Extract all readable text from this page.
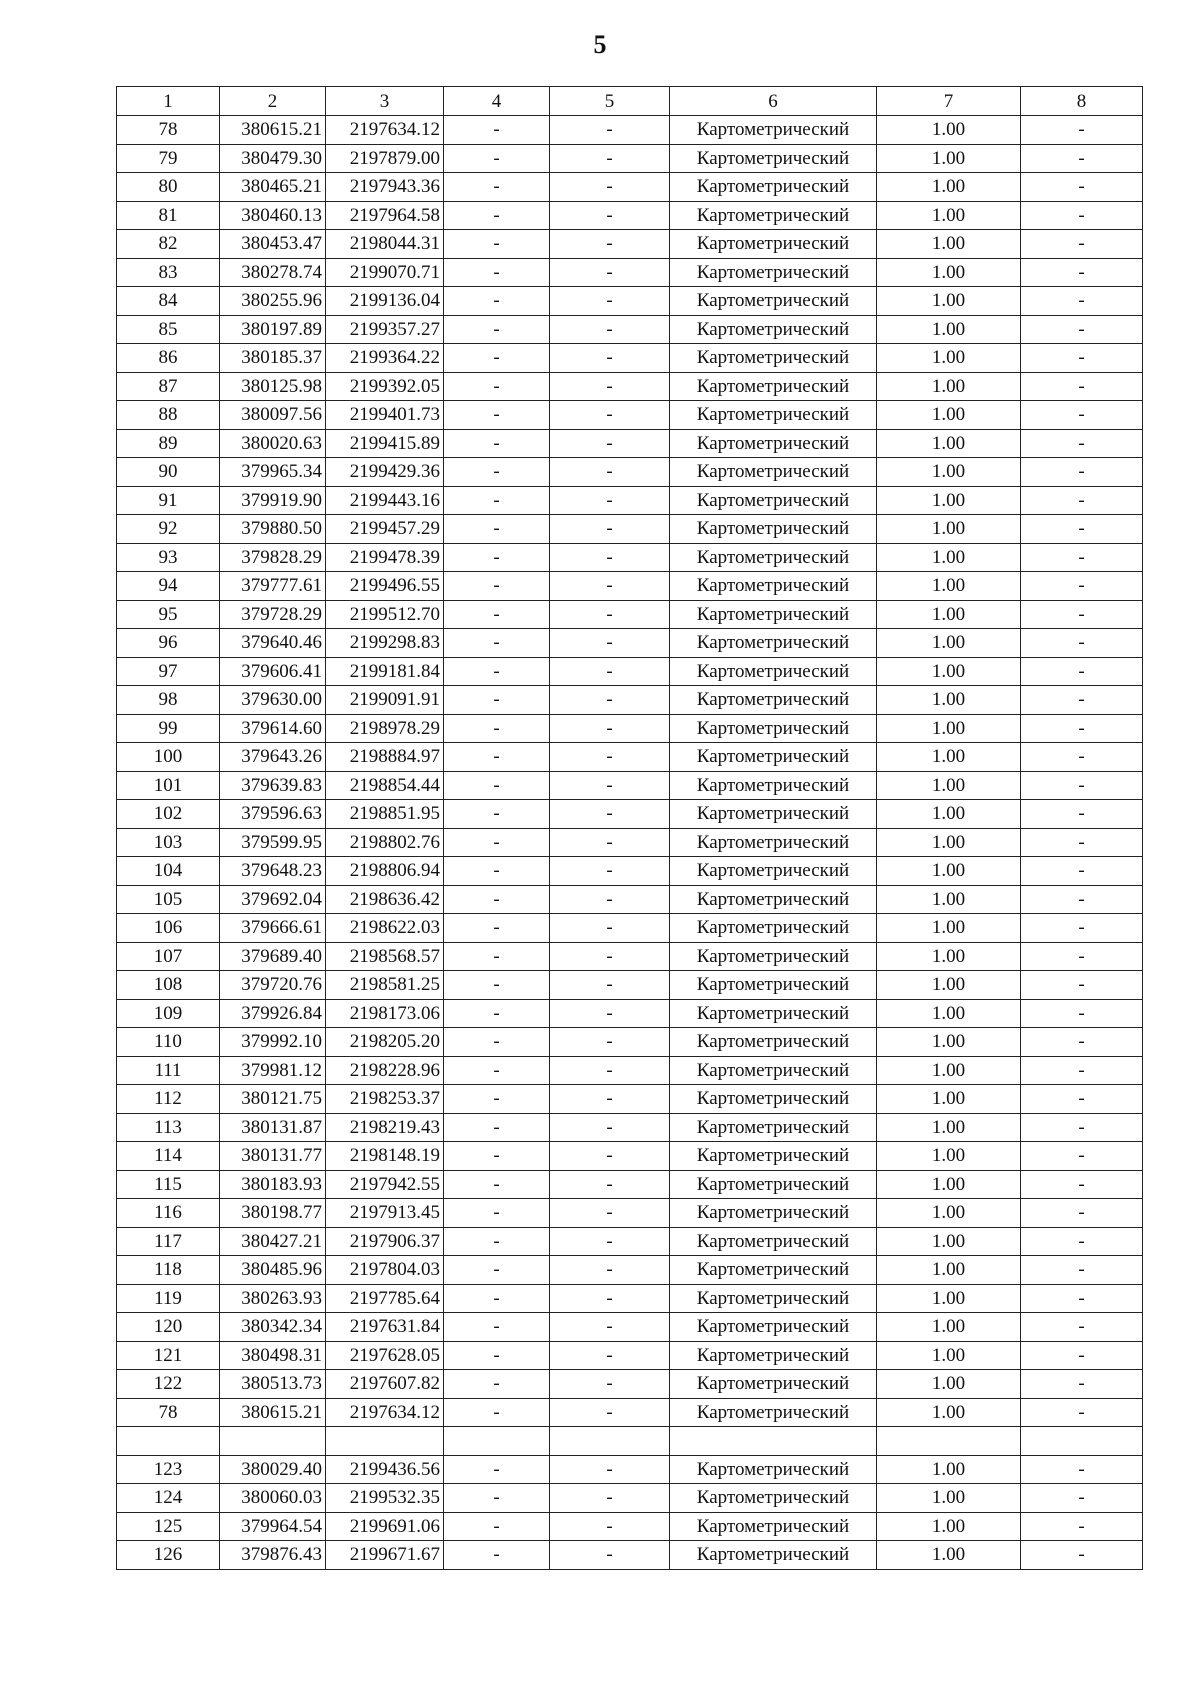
5
1	2	3	4	5	6	7	8
78	380615.21	2197634.12	-	-	Картометрический	1.00	-
79	380479.30	2197879.00	-	-	Картометрический	1.00	-
80	380465.21	2197943.36	-	-	Картометрический	1.00	-
81	380460.13	2197964.58	-	-	Картометрический	1.00	-
82	380453.47	2198044.31	-	-	Картометрический	1.00	-
83	380278.74	2199070.71	-	-	Картометрический	1.00	-
84	380255.96	2199136.04	-	-	Картометрический	1.00	-
85	380197.89	2199357.27	-	-	Картометрический	1.00	-
86	380185.37	2199364.22	-	-	Картометрический	1.00	-
87	380125.98	2199392.05	-	-	Картометрический	1.00	-
88	380097.56	2199401.73	-	-	Картометрический	1.00	-
89	380020.63	2199415.89	-	-	Картометрический	1.00	-
90	379965.34	2199429.36	-	-	Картометрический	1.00	-
91	379919.90	2199443.16	-	-	Картометрический	1.00	-
92	379880.50	2199457.29	-	-	Картометрический	1.00	-
93	379828.29	2199478.39	-	-	Картометрический	1.00	-
94	379777.61	2199496.55	-	-	Картометрический	1.00	-
95	379728.29	2199512.70	-	-	Картометрический	1.00	-
96	379640.46	2199298.83	-	-	Картометрический	1.00	-
97	379606.41	2199181.84	-	-	Картометрический	1.00	-
98	379630.00	2199091.91	-	-	Картометрический	1.00	-
99	379614.60	2198978.29	-	-	Картометрический	1.00	-
100	379643.26	2198884.97	-	-	Картометрический	1.00	-
101	379639.83	2198854.44	-	-	Картометрический	1.00	-
102	379596.63	2198851.95	-	-	Картометрический	1.00	-
103	379599.95	2198802.76	-	-	Картометрический	1.00	-
104	379648.23	2198806.94	-	-	Картометрический	1.00	-
105	379692.04	2198636.42	-	-	Картометрический	1.00	-
106	379666.61	2198622.03	-	-	Картометрический	1.00	-
107	379689.40	2198568.57	-	-	Картометрический	1.00	-
108	379720.76	2198581.25	-	-	Картометрический	1.00	-
109	379926.84	2198173.06	-	-	Картометрический	1.00	-
110	379992.10	2198205.20	-	-	Картометрический	1.00	-
111	379981.12	2198228.96	-	-	Картометрический	1.00	-
112	380121.75	2198253.37	-	-	Картометрический	1.00	-
113	380131.87	2198219.43	-	-	Картометрический	1.00	-
114	380131.77	2198148.19	-	-	Картометрический	1.00	-
115	380183.93	2197942.55	-	-	Картометрический	1.00	-
116	380198.77	2197913.45	-	-	Картометрический	1.00	-
117	380427.21	2197906.37	-	-	Картометрический	1.00	-
118	380485.96	2197804.03	-	-	Картометрический	1.00	-
119	380263.93	2197785.64	-	-	Картометрический	1.00	-
120	380342.34	2197631.84	-	-	Картометрический	1.00	-
121	380498.31	2197628.05	-	-	Картометрический	1.00	-
122	380513.73	2197607.82	-	-	Картометрический	1.00	-
78	380615.21	2197634.12	-	-	Картометрический	1.00	-

123	380029.40	2199436.56	-	-	Картометрический	1.00	-
124	380060.03	2199532.35	-	-	Картометрический	1.00	-
125	379964.54	2199691.06	-	-	Картометрический	1.00	-
126	379876.43	2199671.67	-	-	Картометрический	1.00	-
